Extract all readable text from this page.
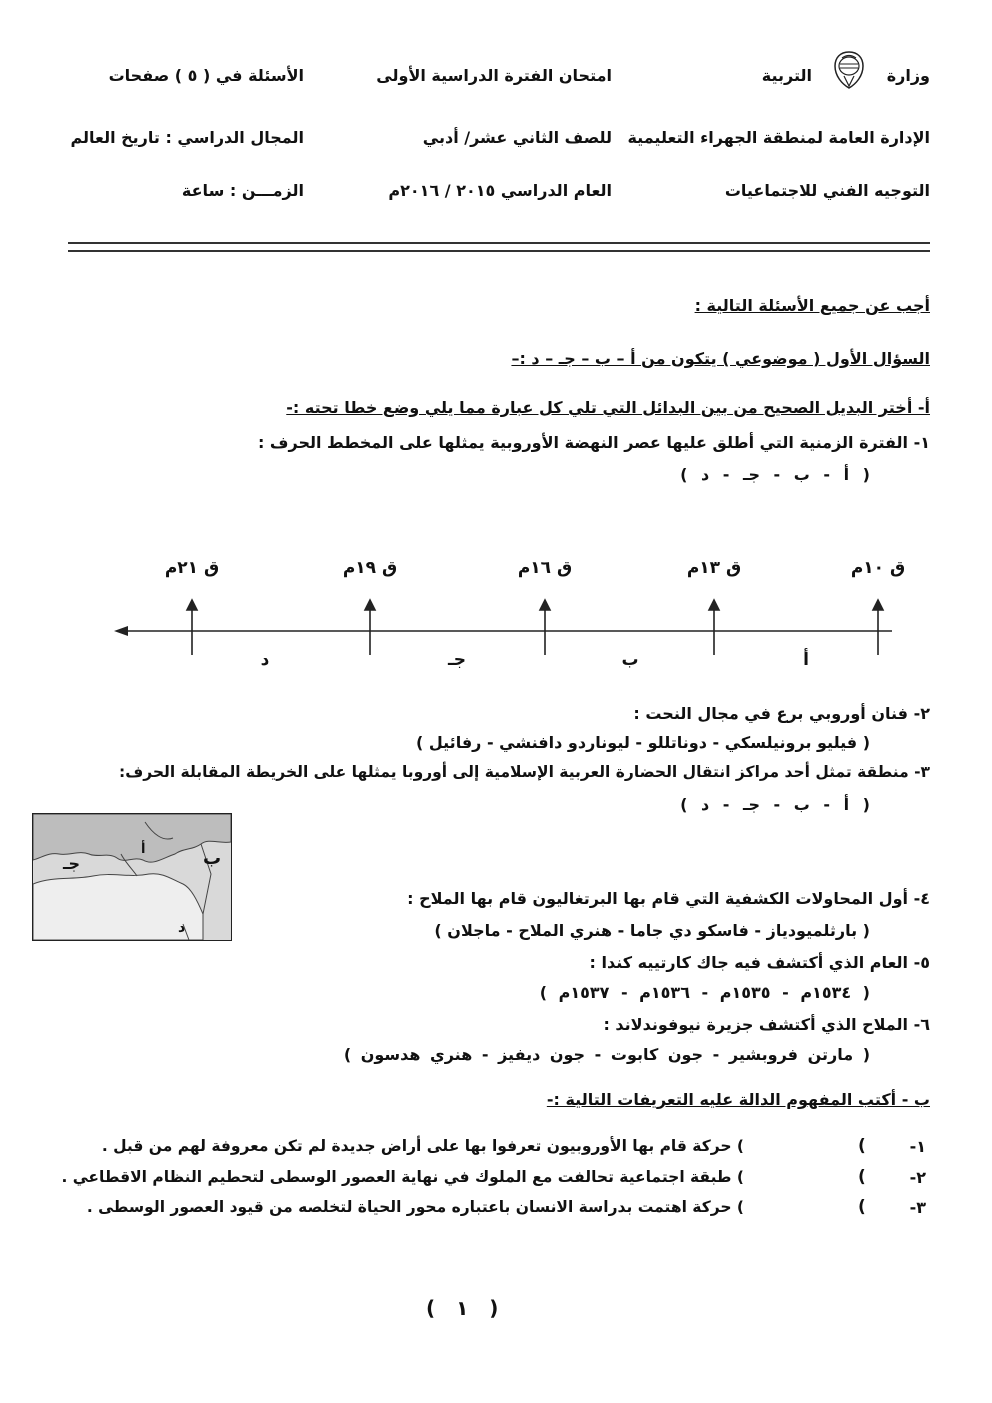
وزارة
التربية
امتحان الفترة الدراسية الأولى
الأسئلة في ( ٥ ) صفحات
الإدارة العامة لمنطقة الجهراء التعليمية
للصف الثاني عشر/ أدبي
المجال الدراسي : تاريخ العالم
التوجيه الفني للاجتماعيات
العام الدراسي ٢٠١٥ / ٢٠١٦م
الزمـــن : ساعة
أجب عن جميع الأسئلة التالية :
السؤال الأول ( موضوعي ) يتكون من أ – ب – جـ – د :–
أ- أختر البديل الصحيح من بين البدائل التي تلي كل عبارة مما يلي وضع خطا تحته :-
١- الفترة الزمنية التي أطلق عليها عصر النهضة الأوروبية يمثلها على المخطط الحرف :
( أ - ب - جـ - د )
ق ١٠م
ق ١٣م
ق ١٦م
ق ١٩م
ق ٢١م
أ
ب
جـ
د
٢- فنان أوروبي برع في مجال النحت :
( فيليو برونيلسكي - دوناتللو - ليوناردو دافنشي - رفائيل )
٣- منطقة تمثل أحد مراكز انتقال الحضارة العربية الإسلامية إلى أوروبا يمثلها على الخريطة المقابلة الحرف:
( أ - ب - جـ - د )
أ	ب
جـ
د
٤- أول المحاولات الكشفية التي قام بها البرتغاليون قام بها الملاح :
( بارثلميودياز - فاسكو دي جاما - هنري الملاح - ماجلان )
٥- العام الذي أكتشف فيه جاك كارتييه كندا :
( ١٥٣٤م - ١٥٣٥م - ١٥٣٦م - ١٥٣٧م )
٦- الملاح الذي أكتشف جزيرة نيوفوندلاند :
( مارتن فروبشير - جون كابوت - جون ديفيز - هنري هدسون )
ب - أكتب المفهوم الدالة عليه التعريفات التالية :-
١-
(
) حركة قام بها الأوروبيون تعرفوا بها على أراض جديدة لم تكن معروفة لهم من قبل .
٢-
(
) طبقة اجتماعية تحالفت مع الملوك في نهاية العصور الوسطى لتحطيم النظام الاقطاعي .
٣-
(
) حركة اهتمت بدراسة الانسان باعتباره محور الحياة لتخلصه من قيود العصور الوسطى .
( ١ )
